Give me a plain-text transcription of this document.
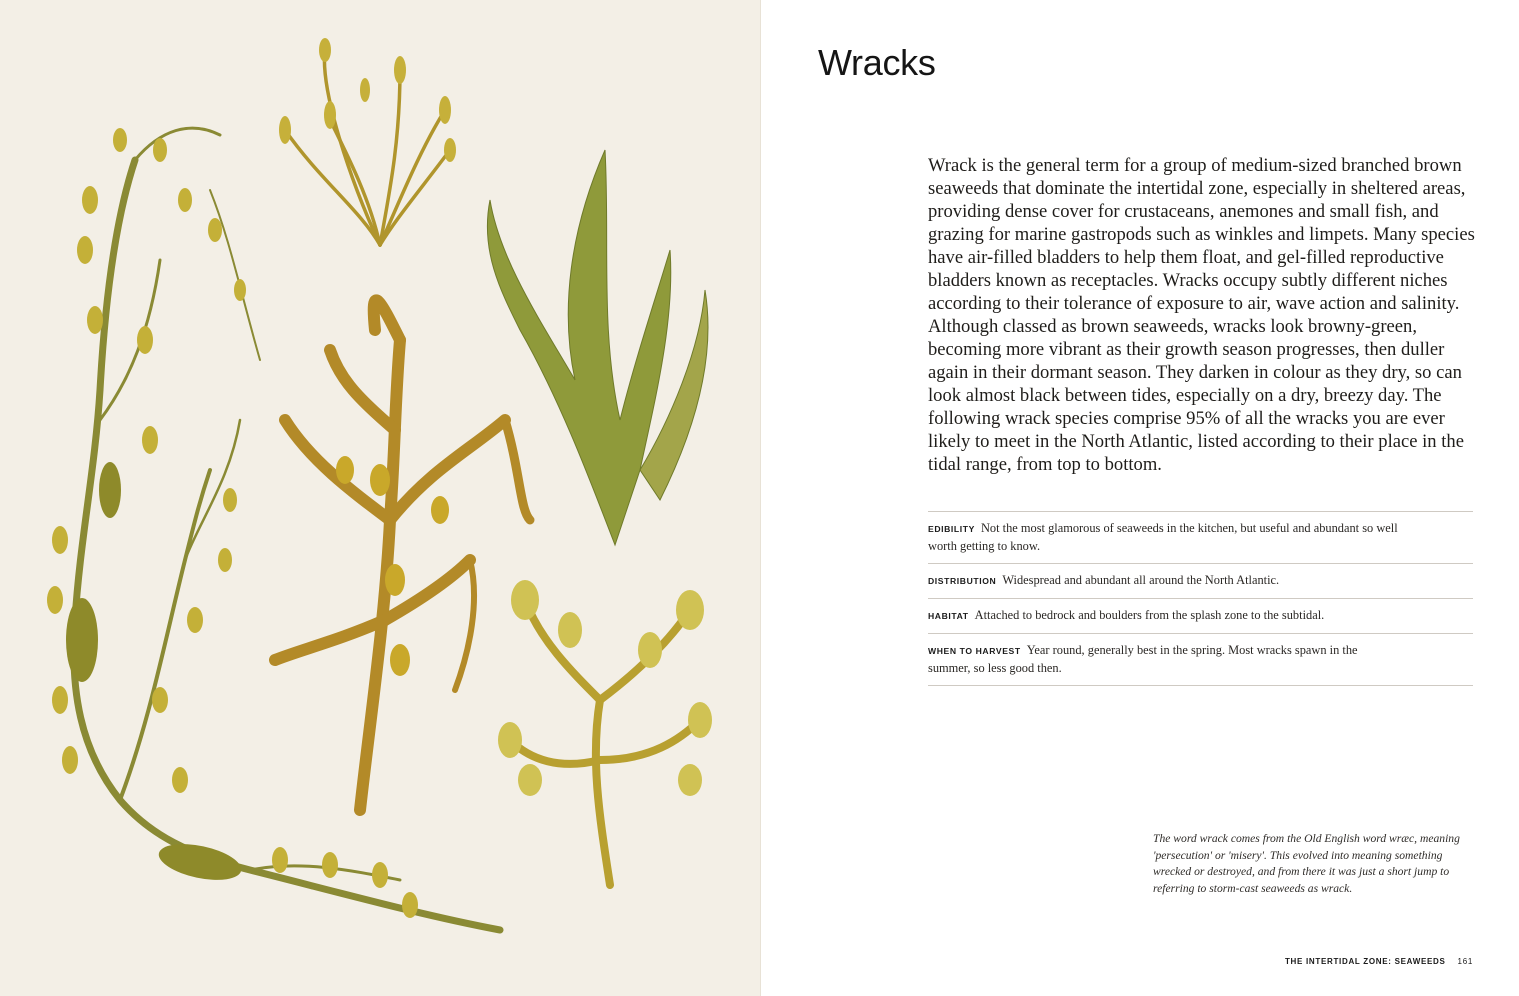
Wracks

Wrack is the general term for a group of medium-sized branched brown seaweeds that dominate the intertidal zone, especially in sheltered areas, providing dense cover for crustaceans, anemones and small fish, and grazing for marine gastropods such as winkles and limpets. Many species have air-filled bladders to help them float, and gel-filled reproductive bladders known as receptacles. Wracks occupy subtly different niches according to their tolerance of exposure to air, wave action and salinity. Although classed as brown seaweeds, wracks look browny-green, becoming more vibrant as their growth season progresses, then duller again in their dormant season. They darken in colour as they dry, so can look almost black between tides, especially on a dry, breezy day. The following wrack species comprise 95% of all the wracks you are ever likely to meet in the North Atlantic, listed according to their place in the tidal range, from top to bottom.

EDIBILITY Not the most glamorous of seaweeds in the kitchen, but useful and abundant so well worth getting to know.
DISTRIBUTION Widespread and abundant all around the North Atlantic.
HABITAT Attached to bedrock and boulders from the splash zone to the subtidal.
WHEN TO HARVEST Year round, generally best in the spring. Most wracks spawn in the summer, so less good then.

The word wrack comes from the Old English word wræc, meaning 'persecution' or 'misery'. This evolved into meaning something wrecked or destroyed, and from there it was just a short jump to referring to storm-cast seaweeds as wrack.

THE INTERTIDAL ZONE: SEAWEEDS 161
